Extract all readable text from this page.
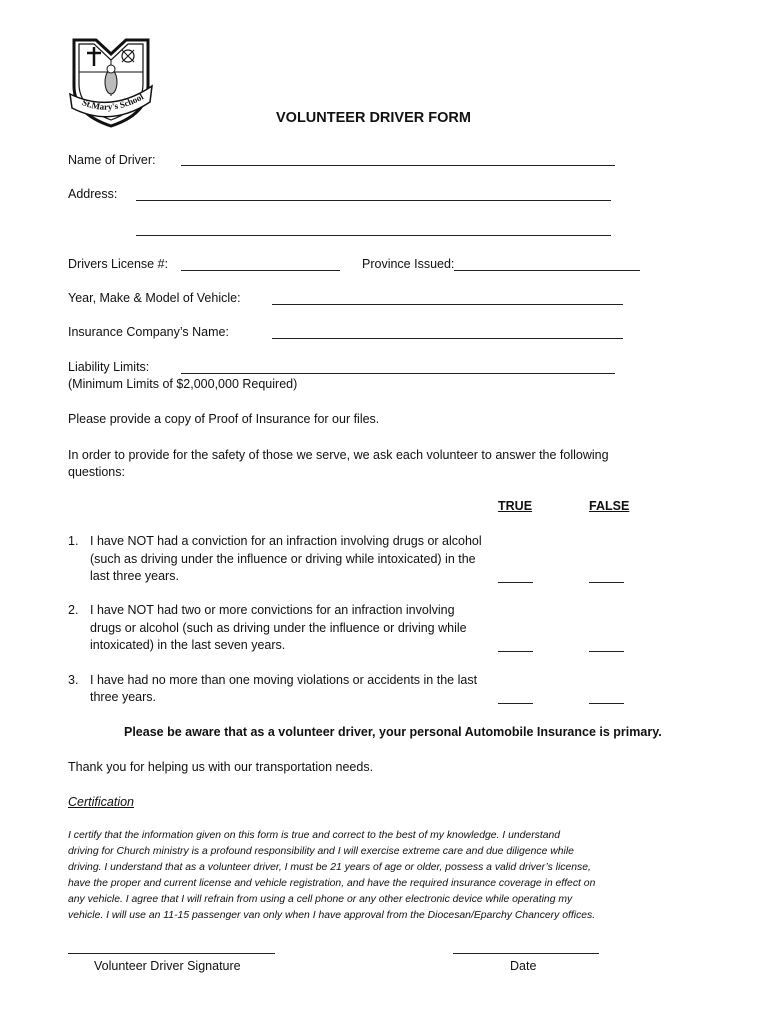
St.Mary's School
VOLUNTEER DRIVER FORM
Name of Driver:
Address:
Drivers License #:	Province Issued:
Year, Make & Model of Vehicle:
Insurance Company’s Name:
Liability Limits:
(Minimum Limits of $2,000,000 Required)
Please provide a copy of Proof of Insurance for our files.
In order to provide for the safety of those we serve, we ask each volunteer to answer the following
questions:
TRUE	FALSE
1. I have NOT had a conviction for an infraction involving drugs or alcohol
(such as driving under the influence or driving while intoxicated) in the
last three years.
2. I have NOT had two or more convictions for an infraction involving
drugs or alcohol (such as driving under the influence or driving while
intoxicated) in the last seven years.
3. I have had no more than one moving violations or accidents in the last
three years.
Please be aware that as a volunteer driver, your personal Automobile Insurance is primary.
Thank you for helping us with our transportation needs.
Certification
I certify that the information given on this form is true and correct to the best of my knowledge. I understand
driving for Church ministry is a profound responsibility and I will exercise extreme care and due diligence while
driving. I understand that as a volunteer driver, I must be 21 years of age or older, possess a valid driver’s license,
have the proper and current license and vehicle registration, and have the required insurance coverage in effect on
any vehicle. I agree that I will refrain from using a cell phone or any other electronic device while operating my
vehicle. I will use an 11-15 passenger van only when I have approval from the Diocesan/Eparchy Chancery offices.
Volunteer Driver Signature	Date
